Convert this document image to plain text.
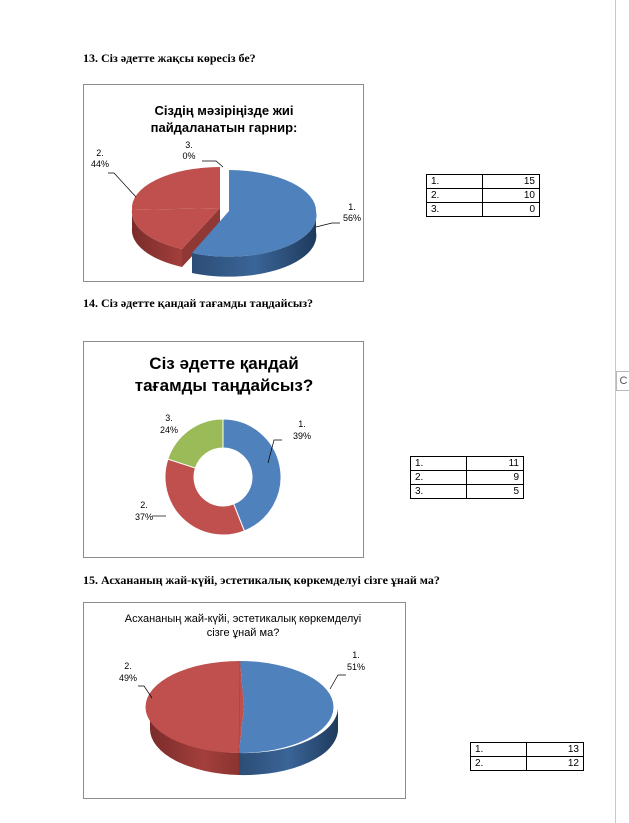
С
13. Сіз әдетте жақсы көресіз бе?
Сіздің мәзіріңізде жиі
пайдаланатын гарнир:
1.
56%
2.
44%
3.
0%
1.	15
2.	10
3.	0
14. Сіз әдетте қандай тағамды таңдайсыз?
Сіз әдетте қандай
тағамды таңдайсыз?
1.
39%
2.
37%
3.
24%
1.	11
2.	9
3.	5
15. Асхананың жай-күйі, эстетикалық көркемделуі сізге ұнай ма?
Асхананың жай-күйі, эстетикалық көркемделуі
сізге ұнай ма?
1.
51%
2.
49%
1.	13
2.	12
